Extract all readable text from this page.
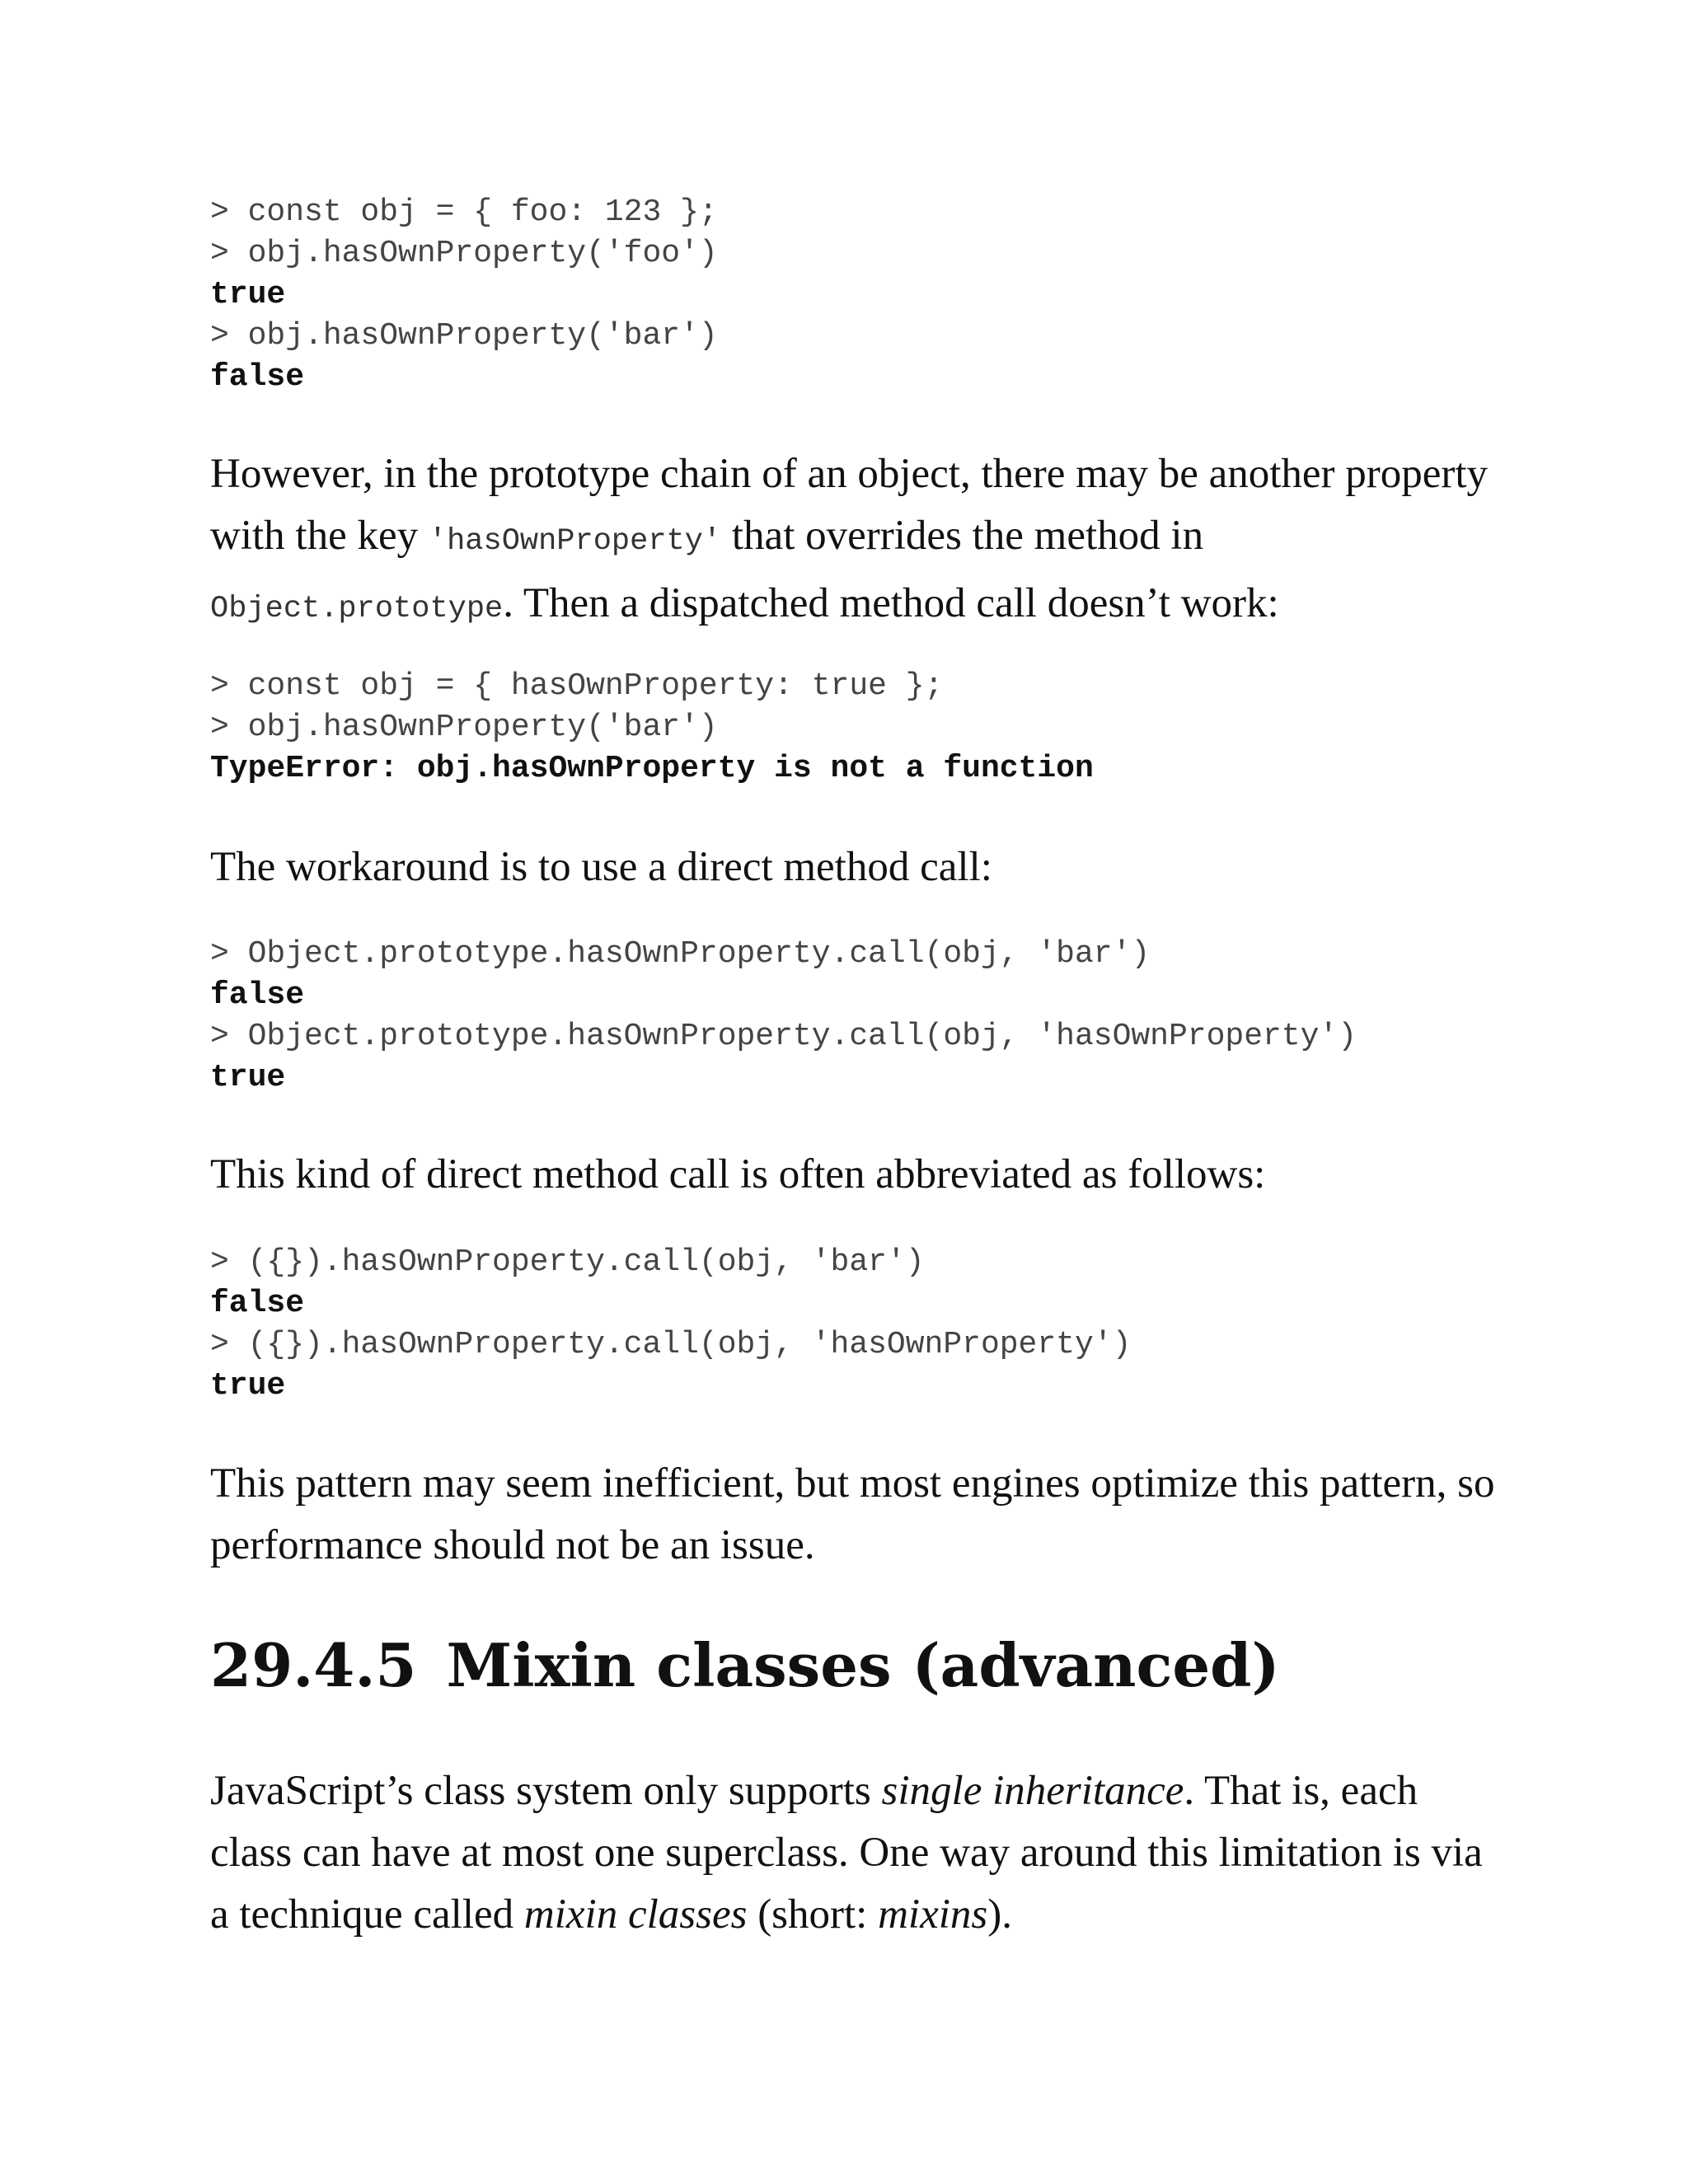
> const obj = { foo: 123 };
> obj.hasOwnProperty('foo')
true
> obj.hasOwnProperty('bar')
false

However, in the prototype chain of an object, there may be another property with the key 'hasOwnProperty' that overrides the method in Object.prototype. Then a dispatched method call doesn’t work:

> const obj = { hasOwnProperty: true };
> obj.hasOwnProperty('bar')
TypeError: obj.hasOwnProperty is not a function

The workaround is to use a direct method call:

> Object.prototype.hasOwnProperty.call(obj, 'bar')
false
> Object.prototype.hasOwnProperty.call(obj, 'hasOwnProperty')
true

This kind of direct method call is often abbreviated as follows:

> ({}).hasOwnProperty.call(obj, 'bar')
false
> ({}).hasOwnProperty.call(obj, 'hasOwnProperty')
true

This pattern may seem inefficient, but most engines optimize this pattern, so performance should not be an issue.

29.4.5 Mixin classes (advanced)

JavaScript’s class system only supports single inheritance. That is, each class can have at most one superclass. One way around this limitation is via a technique called mixin classes (short: mixins).
